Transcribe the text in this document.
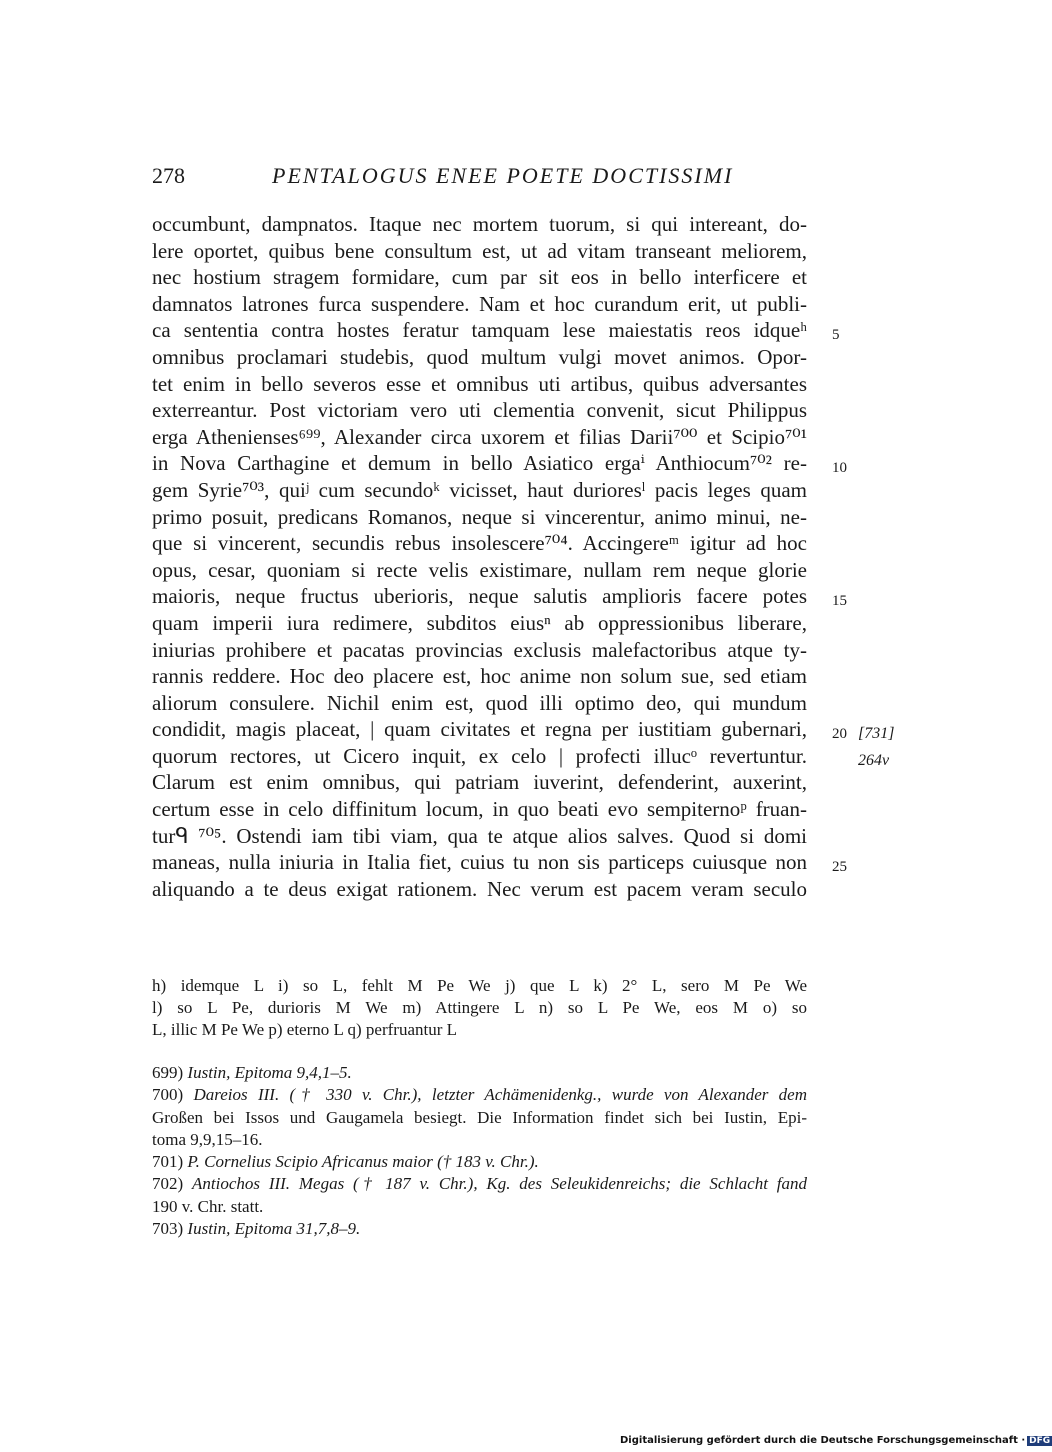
278	PENTALOGUS ENEE POETE DOCTISSIMI
occumbunt, dampnatos. Itaque nec mortem tuorum, si qui intereant, do-
lere oportet, quibus bene consultum est, ut ad vitam transeant meliorem,
nec hostium stragem formidare, cum par sit eos in bello interficere et
damnatos latrones furca suspendere. Nam et hoc curandum erit, ut publi-
ca sententia contra hostes feratur tamquam lese maiestatis reos idqueʰ
omnibus proclamari studebis, quod multum vulgi movet animos. Opor-
tet enim in bello severos esse et omnibus uti artibus, quibus adversantes
exterreantur. Post victoriam vero uti clementia convenit, sicut Philippus
erga Athenienses⁶⁹⁹, Alexander circa uxorem et filias Darii⁷⁰⁰ et Scipio⁷⁰¹
in Nova Carthagine et demum in bello Asiatico ergaⁱ Anthiocum⁷⁰² re-
gem Syrie⁷⁰³, quiʲ cum secundoᵏ vicisset, haut durioresˡ pacis leges quam
primo posuit, predicans Romanos, neque si vincerentur, animo minui, ne-
que si vincerent, secundis rebus insolescere⁷⁰⁴. Accingereᵐ igitur ad hoc
opus, cesar, quoniam si recte velis existimare, nullam rem neque glorie
maioris, neque fructus uberioris, neque salutis amplioris facere potes
quam imperii iura redimere, subditos eiusⁿ ab oppressionibus liberare,
iniurias prohibere et pacatas provincias exclusis malefactoribus atque ty-
rannis reddere. Hoc deo placere est, hoc anime non solum sue, sed etiam
aliorum consulere. Nichil enim est, quod illi optimo deo, qui mundum
condidit, magis placeat, | quam civitates et regna per iustitiam gubernari,
quorum rectores, ut Cicero inquit, ex celo | profecti illucᵒ revertuntur.
Clarum est enim omnibus, qui patriam iuverint, defenderint, auxerint,
certum esse in celo diffinitum locum, in quo beati evo sempiternoᵖ fruan-
turᑫ ⁷⁰⁵. Ostendi iam tibi viam, qua te atque alios salves. Quod si domi
maneas, nulla iniuria in Italia fiet, cuius tu non sis particeps cuiusque non
aliquando a te deus exigat rationem. Nec verum est pacem veram seculo
5
10
15
20
25
[731]
264v
h) idemque L i) so L, fehlt M Pe We j) que L k) 2° L, sero M Pe We
l) so L Pe, durioris M We m) Attingere L n) so L Pe We, eos M o) so
L, illic M Pe We p) eterno L q) perfruantur L
699) Iustin, Epitoma 9,4,1–5.
700) Dareios III. († 330 v. Chr.), letzter Achämenidenkg., wurde von Alexander dem
Großen bei Issos und Gaugamela besiegt. Die Information findet sich bei Iustin, Epi-
toma 9,9,15–16.
701) P. Cornelius Scipio Africanus maior († 183 v. Chr.).
702) Antiochos III. Megas († 187 v. Chr.), Kg. des Seleukidenreichs; die Schlacht fand
190 v. Chr. statt.
703) Iustin, Epitoma 31,7,8–9.
Digitalisierung gefördert durch die Deutsche Forschungsgemeinschaft · DFG
